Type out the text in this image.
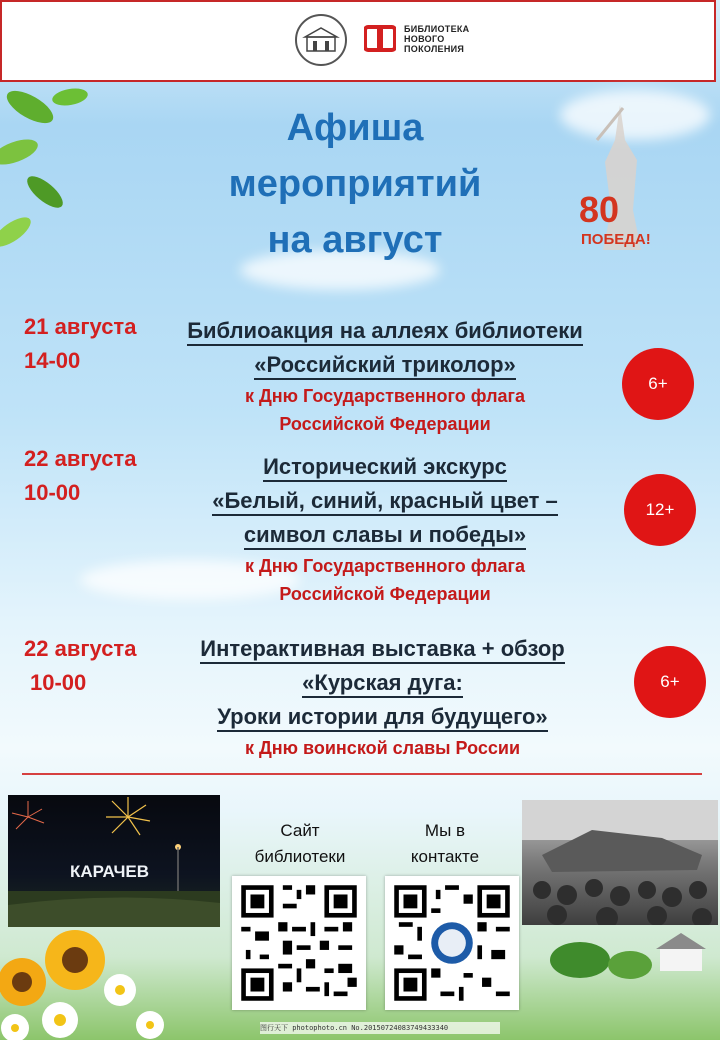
БИБЛИОТЕКА
НОВОГО
ПОКОЛЕНИЯ
Афиша
мероприятий
на август
80
ПОБЕДА!
21 августа
14-00
Библиоакция на аллеях библиотеки
«Российский триколор»
к Дню Государственного флага
Российской Федерации
6+
22 августа
10-00
Исторический экскурс
«Белый, синий, красный цвет –
символ славы и победы»
к Дню Государственного флага
Российской Федерации
12+
22 августа
10-00
Интерактивная выставка + обзор
«Курская дуга:
Уроки истории для будущего»
к Дню воинской славы России
6+
КАРАЧЕВ
Сайт
библиотеки
Мы в
контакте
图行天下 photophoto.cn No.20150724083749433340
